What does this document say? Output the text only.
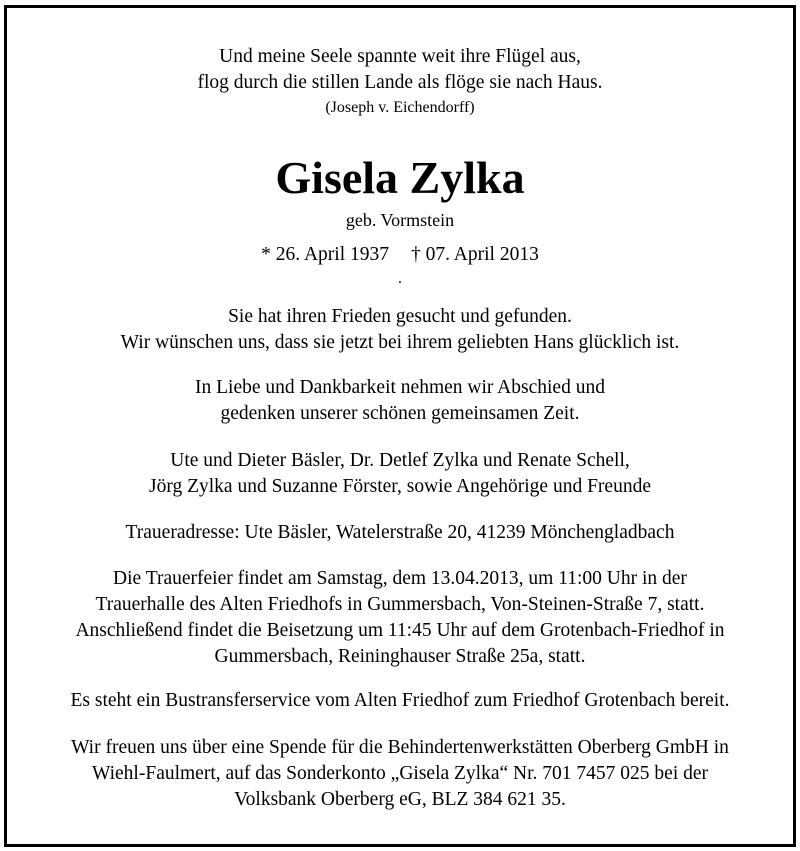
Und meine Seele spannte weit ihre Flügel aus,
flog durch die stillen Lande als flöge sie nach Haus.
(Joseph v. Eichendorff)
Gisela Zylka
geb. Vormstein
* 26. April 1937 † 07. April 2013
.
Sie hat ihren Frieden gesucht und gefunden.
Wir wünschen uns, dass sie jetzt bei ihrem geliebten Hans glücklich ist.
In Liebe und Dankbarkeit nehmen wir Abschied und
gedenken unserer schönen gemeinsamen Zeit.
Ute und Dieter Bäsler, Dr. Detlef Zylka und Renate Schell,
Jörg Zylka und Suzanne Förster, sowie Angehörige und Freunde
Traueradresse: Ute Bäsler, Watelerstraße 20, 41239 Mönchengladbach
Die Trauerfeier findet am Samstag, dem 13.04.2013, um 11:00 Uhr in der
Trauerhalle des Alten Friedhofs in Gummersbach, Von-Steinen-Straße 7, statt.
Anschließend findet die Beisetzung um 11:45 Uhr auf dem Grotenbach-Friedhof in
Gummersbach, Reininghauser Straße 25a, statt.
Es steht ein Bustransferservice vom Alten Friedhof zum Friedhof Grotenbach bereit.
Wir freuen uns über eine Spende für die Behindertenwerkstätten Oberberg GmbH in
Wiehl-Faulmert, auf das Sonderkonto „Gisela Zylka“ Nr. 701 7457 025 bei der
Volksbank Oberberg eG, BLZ 384 621 35.
